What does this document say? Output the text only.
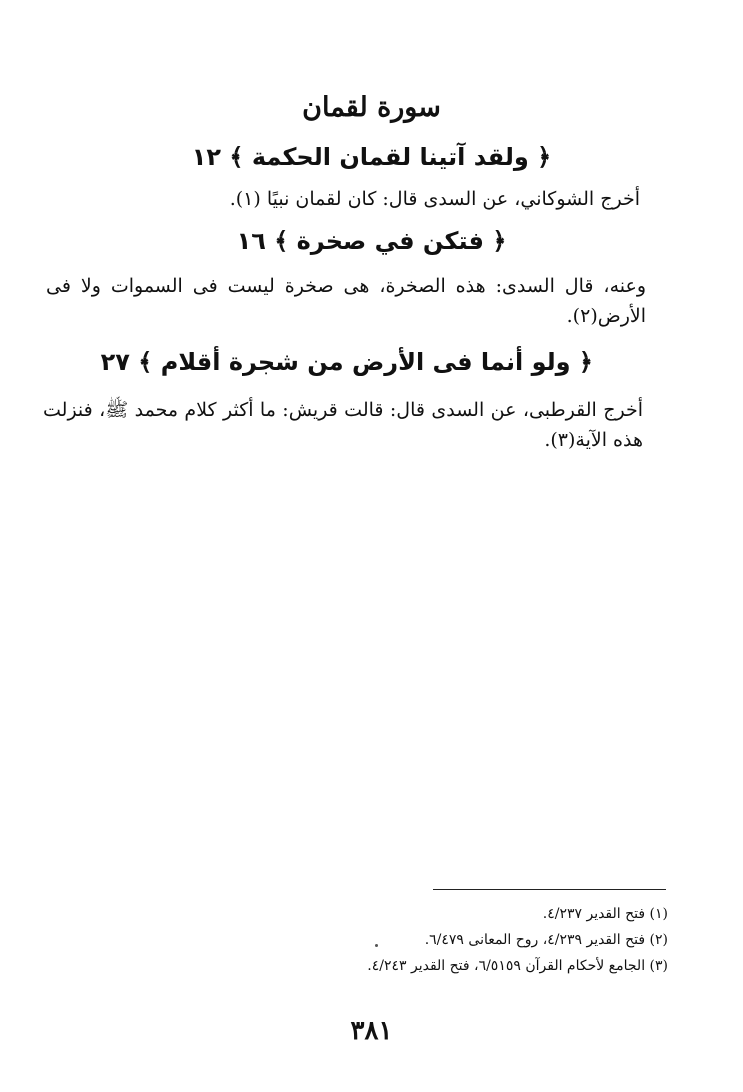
سورة لقمان
﴿ ولقد آتينا لقمان الحكمة ﴾ ١٢
أخرج الشوكاني، عن السدى قال: كان لقمان نبيًا (١).
﴿ فتكن في صخرة ﴾ ١٦
وعنه، قال السدى: هذه الصخرة، هى صخرة ليست فى السموات ولا فى الأرض(٢).
﴿ ولو أنما فى الأرض من شجرة أقلام ﴾ ٢٧
أخرج القرطبى، عن السدى قال: قالت قريش: ما أكثر كلام محمد ﷺ، فنزلت هذه الآية(٣).
(١) فتح القدير ٤/٢٣٧.
(٢) فتح القدير ٤/٢٣٩، روح المعانى ٦/٤٧٩.
(٣) الجامع لأحكام القرآن ٦/٥١٥٩، فتح القدير ٤/٢٤٣.
٣٨١
